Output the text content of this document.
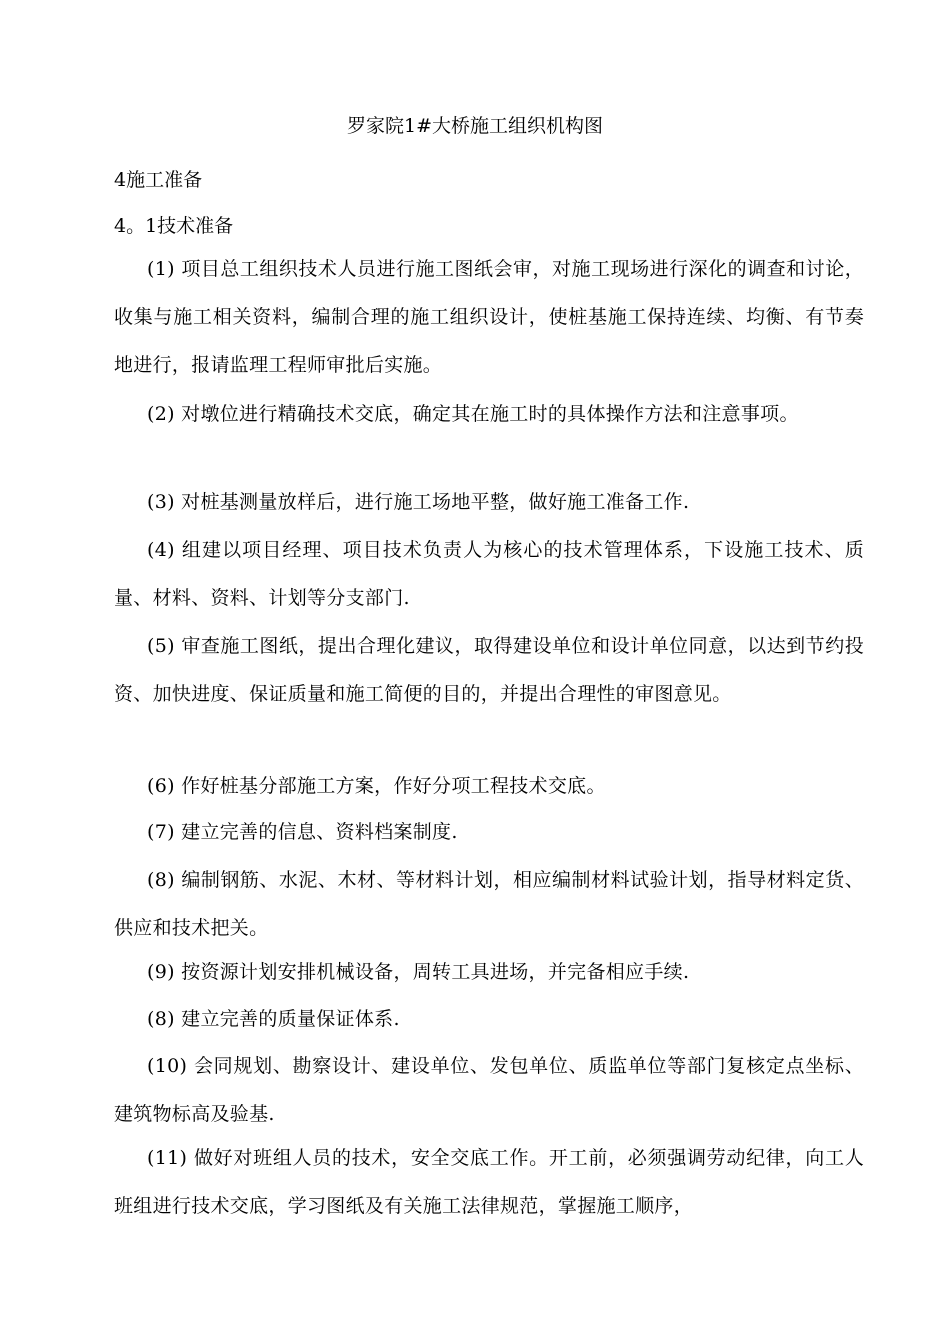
罗家院1#大桥施工组织机构图
4施工准备
4。1技术准备

(1) 项目总工组织技术人员进行施工图纸会审，对施工现场进行深化的调查和讨论，收集与施工相关资料，编制合理的施工组织设计，使桩基施工保持连续、均衡、有节奏地进行，报请监理工程师审批后实施。

(2) 对墩位进行精确技术交底，确定其在施工时的具体操作方法和注意事项。

(3) 对桩基测量放样后，进行施工场地平整，做好施工准备工作.

(4) 组建以项目经理、项目技术负责人为核心的技术管理体系，下设施工技术、质量、材料、资料、计划等分支部门.

(5) 审查施工图纸，提出合理化建议，取得建设单位和设计单位同意，以达到节约投资、加快进度、保证质量和施工简便的目的，并提出合理性的审图意见。

(6) 作好桩基分部施工方案，作好分项工程技术交底。

(7) 建立完善的信息、资料档案制度.

(8) 编制钢筋、水泥、木材、等材料计划，相应编制材料试验计划，指导材料定货、供应和技术把关。

(9) 按资源计划安排机械设备，周转工具进场，并完备相应手续.

(8) 建立完善的质量保证体系.

(10) 会同规划、勘察设计、建设单位、发包单位、质监单位等部门复核定点坐标、建筑物标高及验基.

(11) 做好对班组人员的技术，安全交底工作。开工前，必须强调劳动纪律，向工人班组进行技术交底，学习图纸及有关施工法律规范，掌握施工顺序，
